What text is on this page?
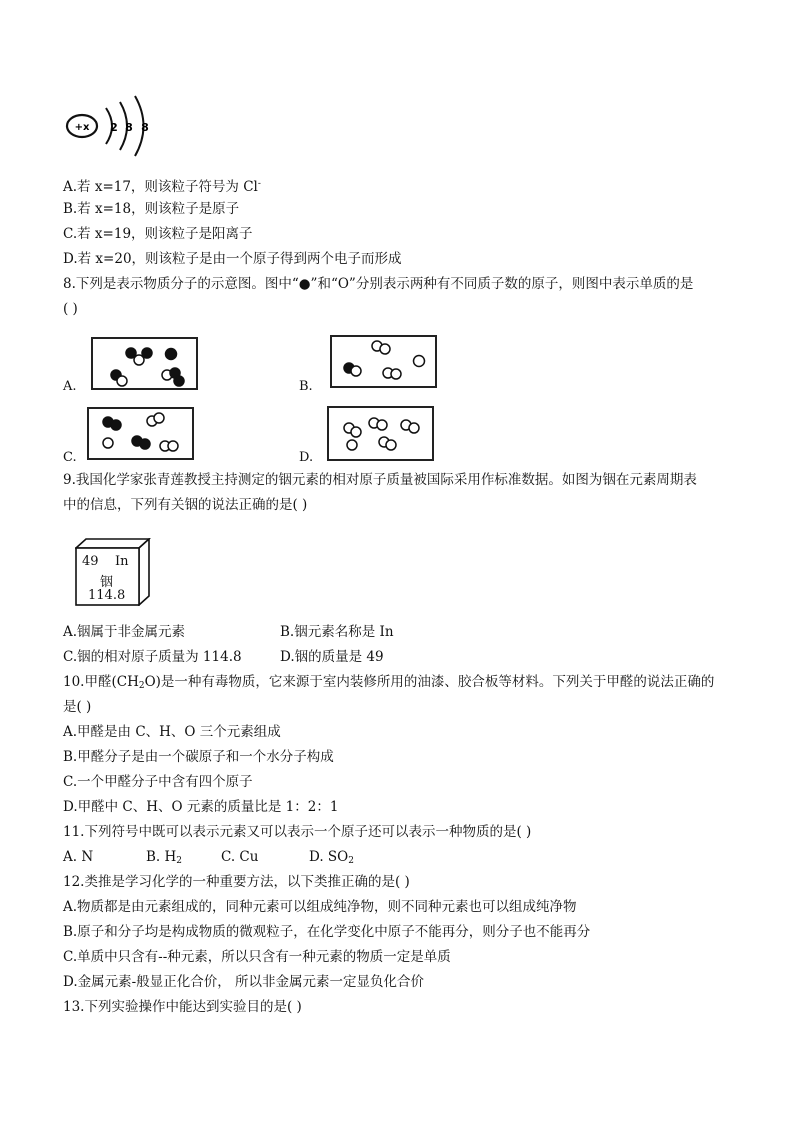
+x 2 8 8
A.若 x=17，则该粒子符号为 Cl-
B.若 x=18，则该粒子是原子
C.若 x=19，则该粒子是阳离子
D.若 x=20，则该粒子是由一个原子得到两个电子而形成
8.下列是表示物质分子的示意图。图中“●”和“O”分别表示两种有不同质子数的原子，则图中表示单质的是
( )
A.	B.
C.	D.
9.我国化学家张青莲教授主持测定的铟元素的相对原子质量被国际采用作标准数据。如图为铟在元素周期表
中的信息，下列有关铟的说法正确的是( )
49 In
铟
114.8
A.铟属于非金属元素	B.铟元素名称是 In
C.铟的相对原子质量为 114.8	D.铟的质量是 49
10.甲醛$(CH_2O)$是一种有毒物质，它来源于室内装修所用的油漆、胶合板等材料。下列关于甲醛的说法正确的
是( )
A.甲醛是由 C、H、O 三个元素组成
B.甲醛分子是由一个碳原子和一个水分子构成
C.一个甲醛分子中含有四个原子
D.甲醛中 C、H、O 元素的质量比是 1：2：1
11.下列符号中既可以表示元素又可以表示一个原子还可以表示一种物质的是( )
A. N	B. $H_2$	C. Cu	D. $SO_2$
12.类推是学习化学的一种重要方法，以下类推正确的是( )
A.物质都是由元素组成的，同种元素可以组成纯净物，则不同种元素也可以组成纯净物
B.原子和分子均是构成物质的微观粒子，在化学变化中原子不能再分，则分子也不能再分
C.单质中只含有--种元素，所以只含有一种元素的物质一定是单质
D.金属元素-般显正化合价， 所以非金属元素一定显负化合价
13.下列实验操作中能达到实验目的是( )
